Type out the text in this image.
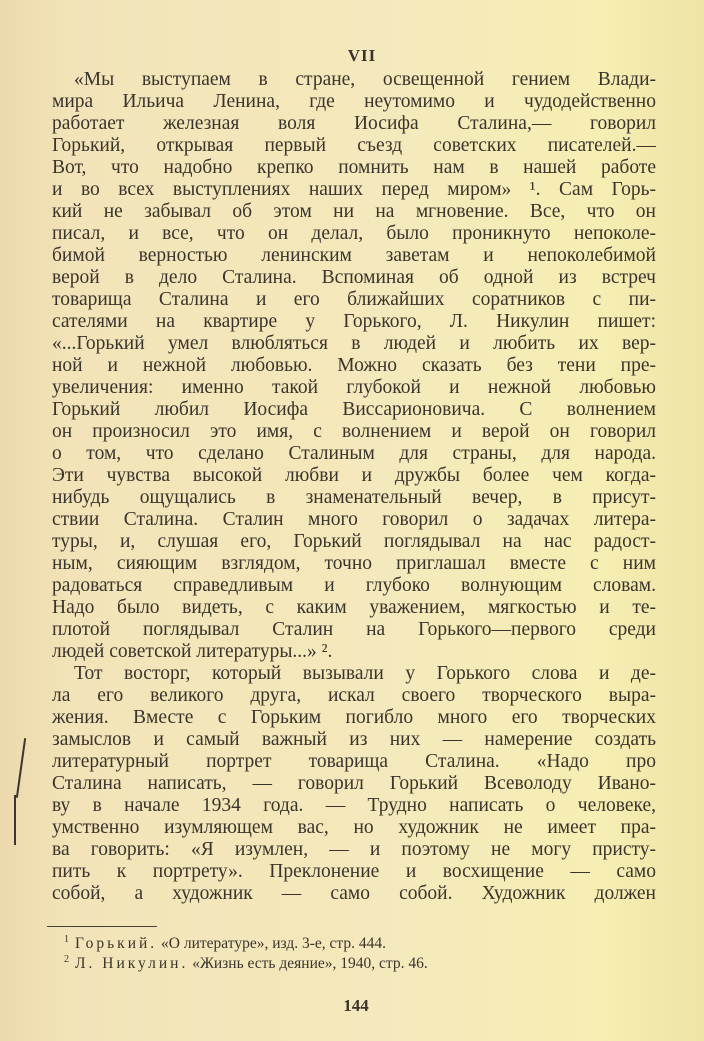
VII
«Мы выступаем в стране, освещенной гением Влади-
мира Ильича Ленина, где неутомимо и чудодейственно
работает железная воля Иосифа Сталина,— говорил
Горький, открывая первый съезд советских писателей.—
Вот, что надобно крепко помнить нам в нашей работе
и во всех выступлениях наших перед миром» ¹. Сам Горь-
кий не забывал об этом ни на мгновение. Все, что он
писал, и все, что он делал, было проникнуто непоколе-
бимой верностью ленинским заветам и непоколебимой
верой в дело Сталина. Вспоминая об одной из встреч
товарища Сталина и его ближайших соратников с пи-
сателями на квартире у Горького, Л. Никулин пишет:
«...Горький умел влюбляться в людей и любить их вер-
ной и нежной любовью. Можно сказать без тени пре-
увеличения: именно такой глубокой и нежной любовью
Горький любил Иосифа Виссарионовича. С волнением
он произносил это имя, с волнением и верой он говорил
о том, что сделано Сталиным для страны, для народа.
Эти чувства высокой любви и дружбы более чем когда-
нибудь ощущались в знаменательный вечер, в присут-
ствии Сталина. Сталин много говорил о задачах литера-
туры, и, слушая его, Горький поглядывал на нас радост-
ным, сияющим взглядом, точно приглашал вместе с ним
радоваться справедливым и глубоко волнующим словам.
Надо было видеть, с каким уважением, мягкостью и те-
плотой поглядывал Сталин на Горького—первого среди
людей советской литературы...» ².
Тот восторг, который вызывали у Горького слова и де-
ла его великого друга, искал своего творческого выра-
жения. Вместе с Горьким погибло много его творческих
замыслов и самый важный из них — намерение создать
литературный портрет товарища Сталина. «Надо про
Сталина написать, — говорил Горький Всеволоду Ивано-
ву в начале 1934 года. — Трудно написать о человеке,
умственно изумляющем вас, но художник не имеет пра-
ва говорить: «Я изумлен, — и поэтому не могу присту-
пить к портрету». Преклонение и восхищение — само
собой, а художник — само собой. Художник должен
$^1$ Горький. «О литературе», изд. 3-е, стр. 444.
$^2$ Л. Никулин. «Жизнь есть деяние», 1940, стр. 46.
144
